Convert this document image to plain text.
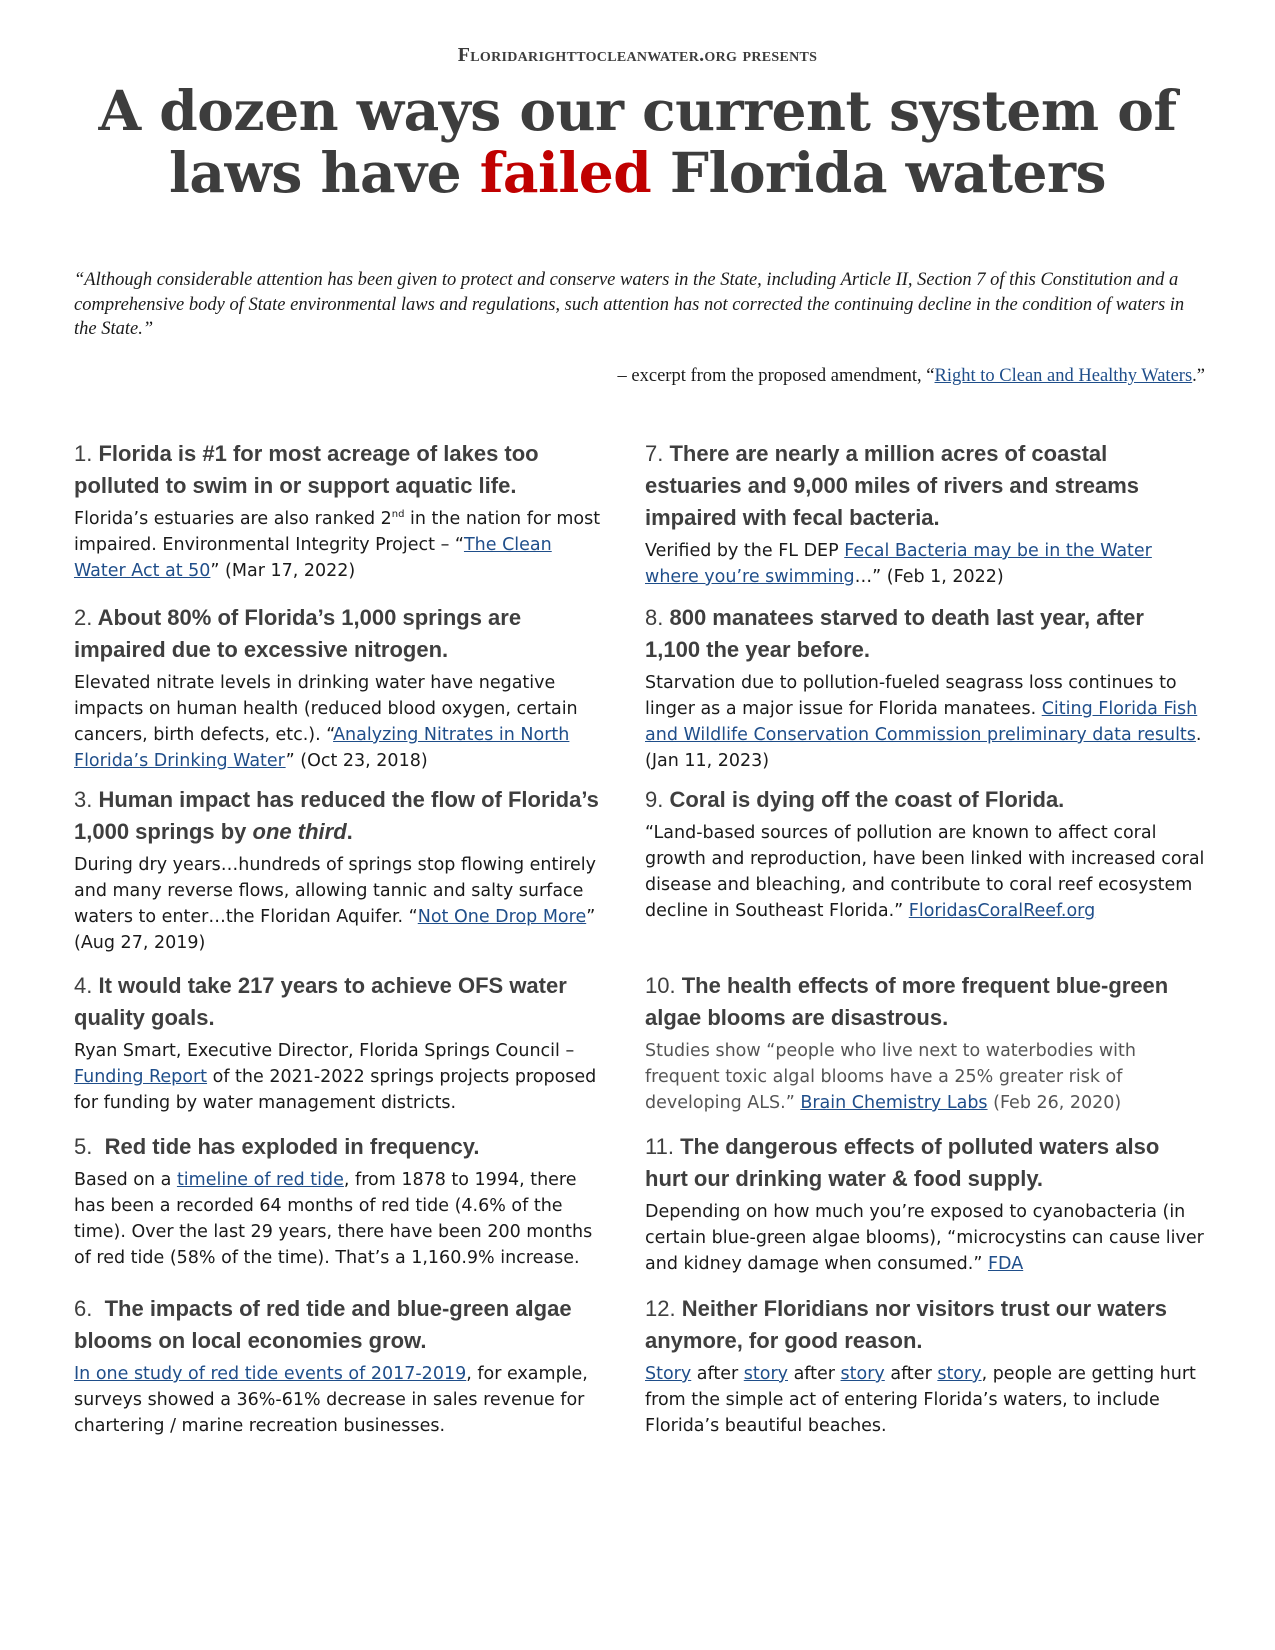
Floridarighttocleanwater.org presents
A dozen ways our current system of laws have failed Florida waters
“Although considerable attention has been given to protect and conserve waters in the State, including Article II, Section 7 of this Constitution and a comprehensive body of State environmental laws and regulations, such attention has not corrected the continuing decline in the condition of waters in the State.”
– excerpt from the proposed amendment, “Right to Clean and Healthy Waters.”
1. Florida is #1 for most acreage of lakes too polluted to swim in or support aquatic life.

Florida’s estuaries are also ranked 2nd in the nation for most impaired. Environmental Integrity Project – “The Clean Water Act at 50” (Mar 17, 2022)

2. About 80% of Florida’s 1,000 springs are impaired due to excessive nitrogen.

Elevated nitrate levels in drinking water have negative impacts on human health (reduced blood oxygen, certain cancers, birth defects, etc.). “Analyzing Nitrates in North Florida’s Drinking Water” (Oct 23, 2018)

3. Human impact has reduced the flow of Florida’s 1,000 springs by one third.

During dry years…hundreds of springs stop flowing entirely and many reverse flows, allowing tannic and salty surface waters to enter…the Floridan Aquifer. “Not One Drop More” (Aug 27, 2019)

4. It would take 217 years to achieve OFS water quality goals.

Ryan Smart, Executive Director, Florida Springs Council – Funding Report of the 2021-2022 springs projects proposed for funding by water management districts.

5. Red tide has exploded in frequency.

Based on a timeline of red tide, from 1878 to 1994, there has been a recorded 64 months of red tide (4.6% of the time). Over the last 29 years, there have been 200 months of red tide (58% of the time). That’s a 1,160.9% increase.

6. The impacts of red tide and blue-green algae blooms on local economies grow.

In one study of red tide events of 2017-2019, for example, surveys showed a 36%-61% decrease in sales revenue for chartering / marine recreation businesses.

7. There are nearly a million acres of coastal estuaries and 9,000 miles of rivers and streams impaired with fecal bacteria.

Verified by the FL DEP Fecal Bacteria may be in the Water where you’re swimming…” (Feb 1, 2022)

8. 800 manatees starved to death last year, after 1,100 the year before.

Starvation due to pollution-fueled seagrass loss continues to linger as a major issue for Florida manatees. Citing Florida Fish and Wildlife Conservation Commission preliminary data results. (Jan 11, 2023)

9. Coral is dying off the coast of Florida.

“Land-based sources of pollution are known to affect coral growth and reproduction, have been linked with increased coral disease and bleaching, and contribute to coral reef ecosystem decline in Southeast Florida.” FloridasCoralReef.org

10. The health effects of more frequent blue-green algae blooms are disastrous.

Studies show “people who live next to waterbodies with frequent toxic algal blooms have a 25% greater risk of developing ALS.” Brain Chemistry Labs (Feb 26, 2020)

11. The dangerous effects of polluted waters also hurt our drinking water & food supply.

Depending on how much you’re exposed to cyanobacteria (in certain blue-green algae blooms), “microcystins can cause liver and kidney damage when consumed.” FDA

12. Neither Floridians nor visitors trust our waters anymore, for good reason.

Story after story after story after story, people are getting hurt from the simple act of entering Florida’s waters, to include Florida’s beautiful beaches.
